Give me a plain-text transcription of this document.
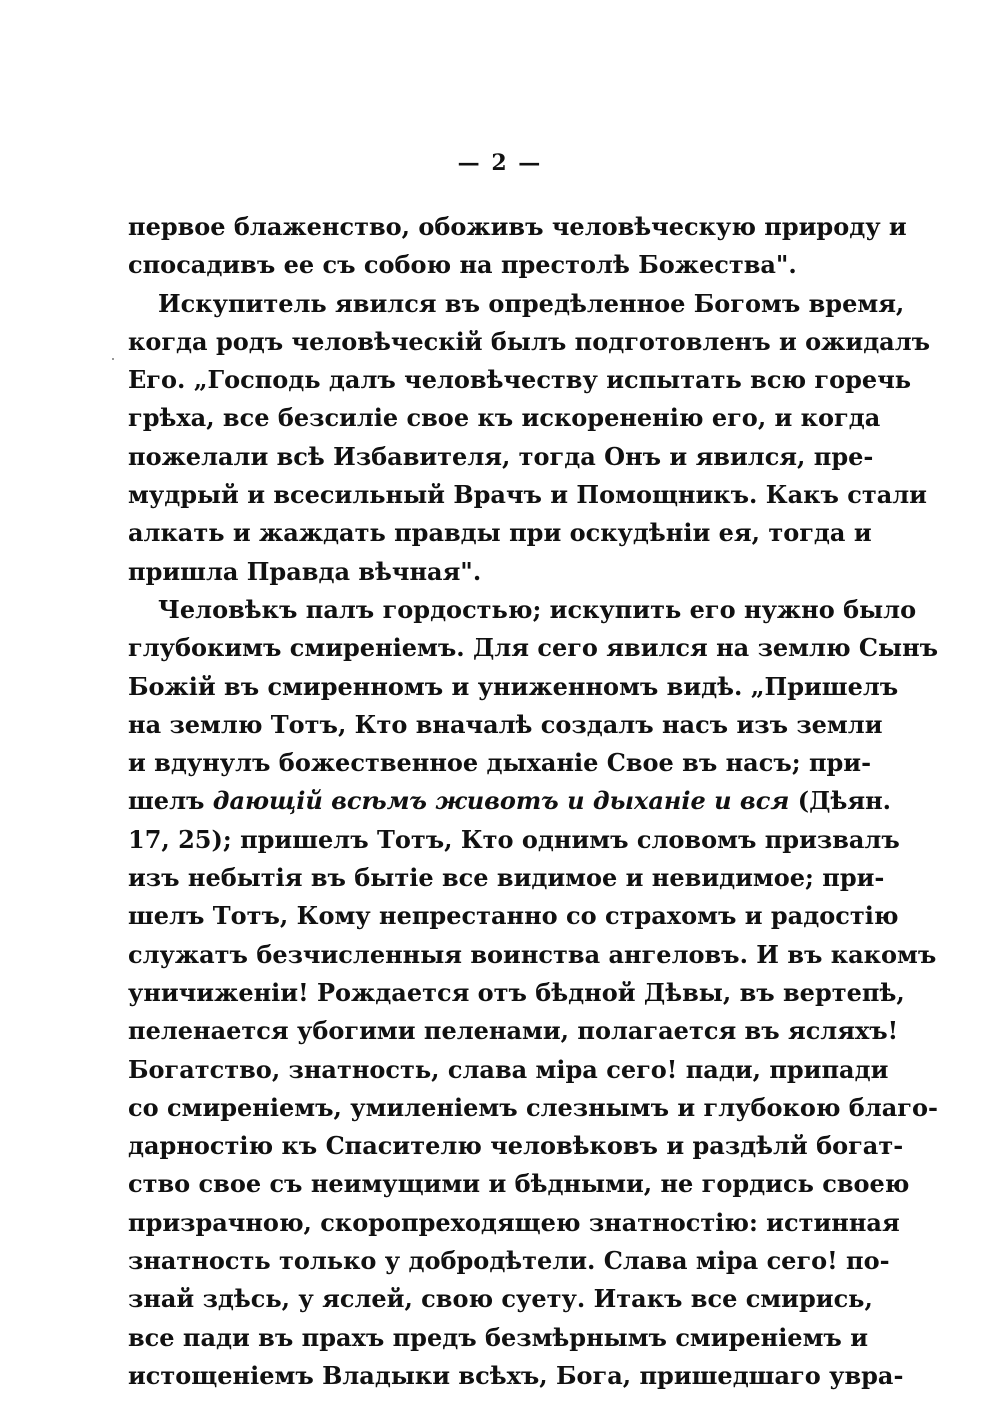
— 2 —
первое блаженство, обоживъ человѣческую природу и
спосадивъ ее съ собою на престолѣ Божества".
Искупитель явился въ опредѣленное Богомъ время,
когда родъ человѣческій былъ подготовленъ и ожидалъ
Его. „Господь далъ человѣчеству испытать всю горечь
грѣха, все безсиліе свое къ искорененію его, и когда
пожелали всѣ Избавителя, тогда Онъ и явился, пре-
мудрый и всесильный Врачъ и Помощникъ. Какъ стали
алкать и жаждать правды при оскудѣніи ея, тогда и
пришла Правда вѣчная".
Человѣкъ палъ гордостью; искупить его нужно было
глубокимъ смиреніемъ. Для сего явился на землю Сынъ
Божій въ смиренномъ и униженномъ видѣ. „Пришелъ
на землю Тотъ, Кто вначалѣ создалъ насъ изъ земли
и вдунулъ божественное дыханіе Свое въ насъ; при-
шелъ дающій всѣмъ животъ и дыханіе и вся (Дѣян.
17, 25); пришелъ Тотъ, Кто однимъ словомъ призвалъ
изъ небытія въ бытіе все видимое и невидимое; при-
шелъ Тотъ, Кому непрестанно со страхомъ и радостію
служатъ безчисленныя воинства ангеловъ. И въ какомъ
уничиженіи! Рождается отъ бѣдной Дѣвы, въ вертепѣ,
пеленается убогими пеленами, полагается въ ясляхъ!
Богатство, знатность, слава міра сего! пади, припади
со смиреніемъ, умиленіемъ слезнымъ и глубокою благо-
дарностію къ Спасителю человѣковъ и раздѣлй богат-
ство свое съ неимущими и бѣдными, не гордись своею
призрачною, скоропреходящею знатностію: истинная
знатность только у добродѣтели. Слава міра сего! по-
знай здѣсь, у яслей, свою суету. Итакъ все смирись,
все пади въ прахъ предъ безмѣрнымъ смиреніемъ и
истощеніемъ Владыки всѣхъ, Бога, пришедшаго увра-
